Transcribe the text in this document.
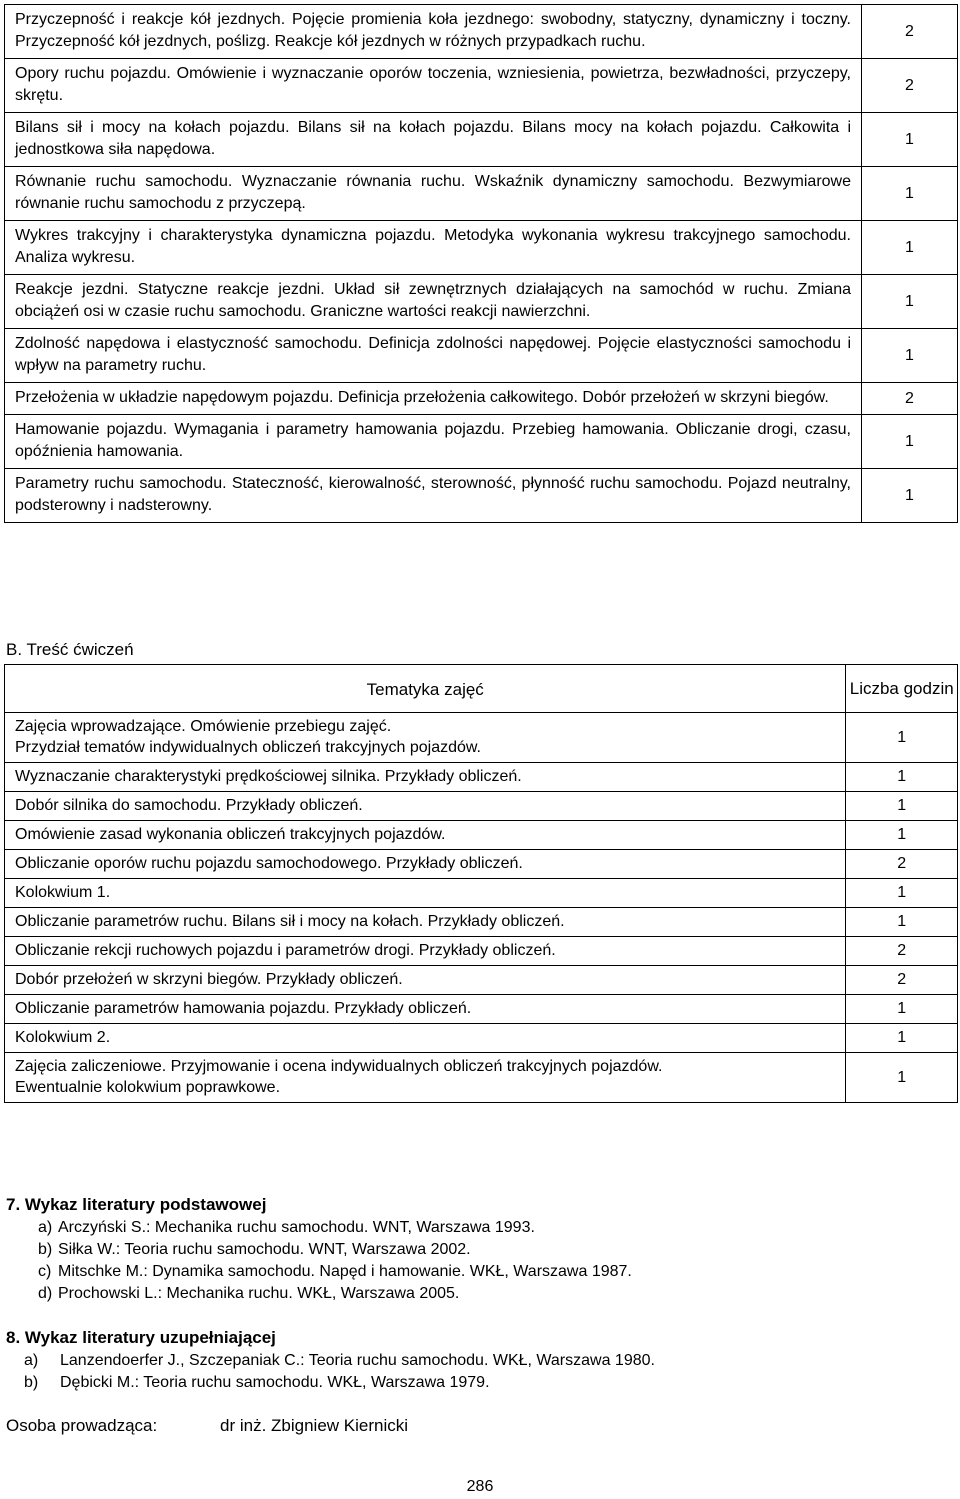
Przyczepność i reakcje kół jezdnych. Pojęcie promienia koła jezdnego: swobodny, statyczny, dynamiczny i toczny. Przyczepność kół jezdnych, poślizg. Reakcje kół jezdnych w różnych przypadkach ruchu.	2
Opory ruchu pojazdu. Omówienie i wyznaczanie oporów toczenia, wzniesienia, powietrza, bezwładności, przyczepy, skrętu.	2
Bilans sił i mocy na kołach pojazdu. Bilans sił na kołach pojazdu. Bilans mocy na kołach pojazdu. Całkowita i jednostkowa siła napędowa.	1
Równanie ruchu samochodu. Wyznaczanie równania ruchu. Wskaźnik dynamiczny samochodu. Bezwymiarowe równanie ruchu samochodu z przyczepą.	1
Wykres trakcyjny i charakterystyka dynamiczna pojazdu. Metodyka wykonania wykresu trakcyjnego samochodu. Analiza wykresu.	1
Reakcje jezdni. Statyczne reakcje jezdni. Układ sił zewnętrznych działających na samochód w ruchu. Zmiana obciążeń osi w czasie ruchu samochodu. Graniczne wartości reakcji nawierzchni.	1
Zdolność napędowa i elastyczność samochodu. Definicja zdolności napędowej. Pojęcie elastyczności samochodu i wpływ na parametry ruchu.	1
Przełożenia w układzie napędowym pojazdu. Definicja przełożenia całkowitego. Dobór przełożeń w skrzyni biegów.	2
Hamowanie pojazdu. Wymagania i parametry hamowania pojazdu. Przebieg hamowania. Obliczanie drogi, czasu, opóźnienia hamowania.	1
Parametry ruchu samochodu. Stateczność, kierowalność, sterowność, płynność ruchu samochodu. Pojazd neutralny, podsterowny i nadsterowny.	1
B. Treść ćwiczeń
Tematyka zajęć	Liczba godzin
Zajęcia wprowadzające. Omówienie przebiegu zajęć.
Przydział tematów indywidualnych obliczeń trakcyjnych pojazdów.	1
Wyznaczanie charakterystyki prędkościowej silnika. Przykłady obliczeń.	1
Dobór silnika do samochodu. Przykłady obliczeń.	1
Omówienie zasad wykonania obliczeń trakcyjnych pojazdów.	1
Obliczanie oporów ruchu pojazdu samochodowego. Przykłady obliczeń.	2
Kolokwium 1.	1
Obliczanie parametrów ruchu. Bilans sił i mocy na kołach. Przykłady obliczeń.	1
Obliczanie rekcji ruchowych pojazdu i parametrów drogi. Przykłady obliczeń.	2
Dobór przełożeń w skrzyni biegów. Przykłady obliczeń.	2
Obliczanie parametrów hamowania pojazdu. Przykłady obliczeń.	1
Kolokwium 2.	1
Zajęcia zaliczeniowe. Przyjmowanie i ocena indywidualnych obliczeń trakcyjnych pojazdów.
Ewentualnie kolokwium poprawkowe.	1
7. Wykaz literatury podstawowej
a) Arczyński S.: Mechanika ruchu samochodu. WNT, Warszawa 1993.
b) Siłka W.: Teoria ruchu samochodu. WNT, Warszawa 2002.
c) Mitschke M.: Dynamika samochodu. Napęd i hamowanie. WKŁ, Warszawa 1987.
d) Prochowski L.: Mechanika ruchu. WKŁ, Warszawa 2005.
8. Wykaz literatury uzupełniającej
a)	Lanzendoerfer J., Szczepaniak C.: Teoria ruchu samochodu. WKŁ, Warszawa 1980.
b)	Dębicki M.: Teoria ruchu samochodu. WKŁ, Warszawa 1979.
Osoba prowadząca:	dr inż. Zbigniew Kiernicki
286
